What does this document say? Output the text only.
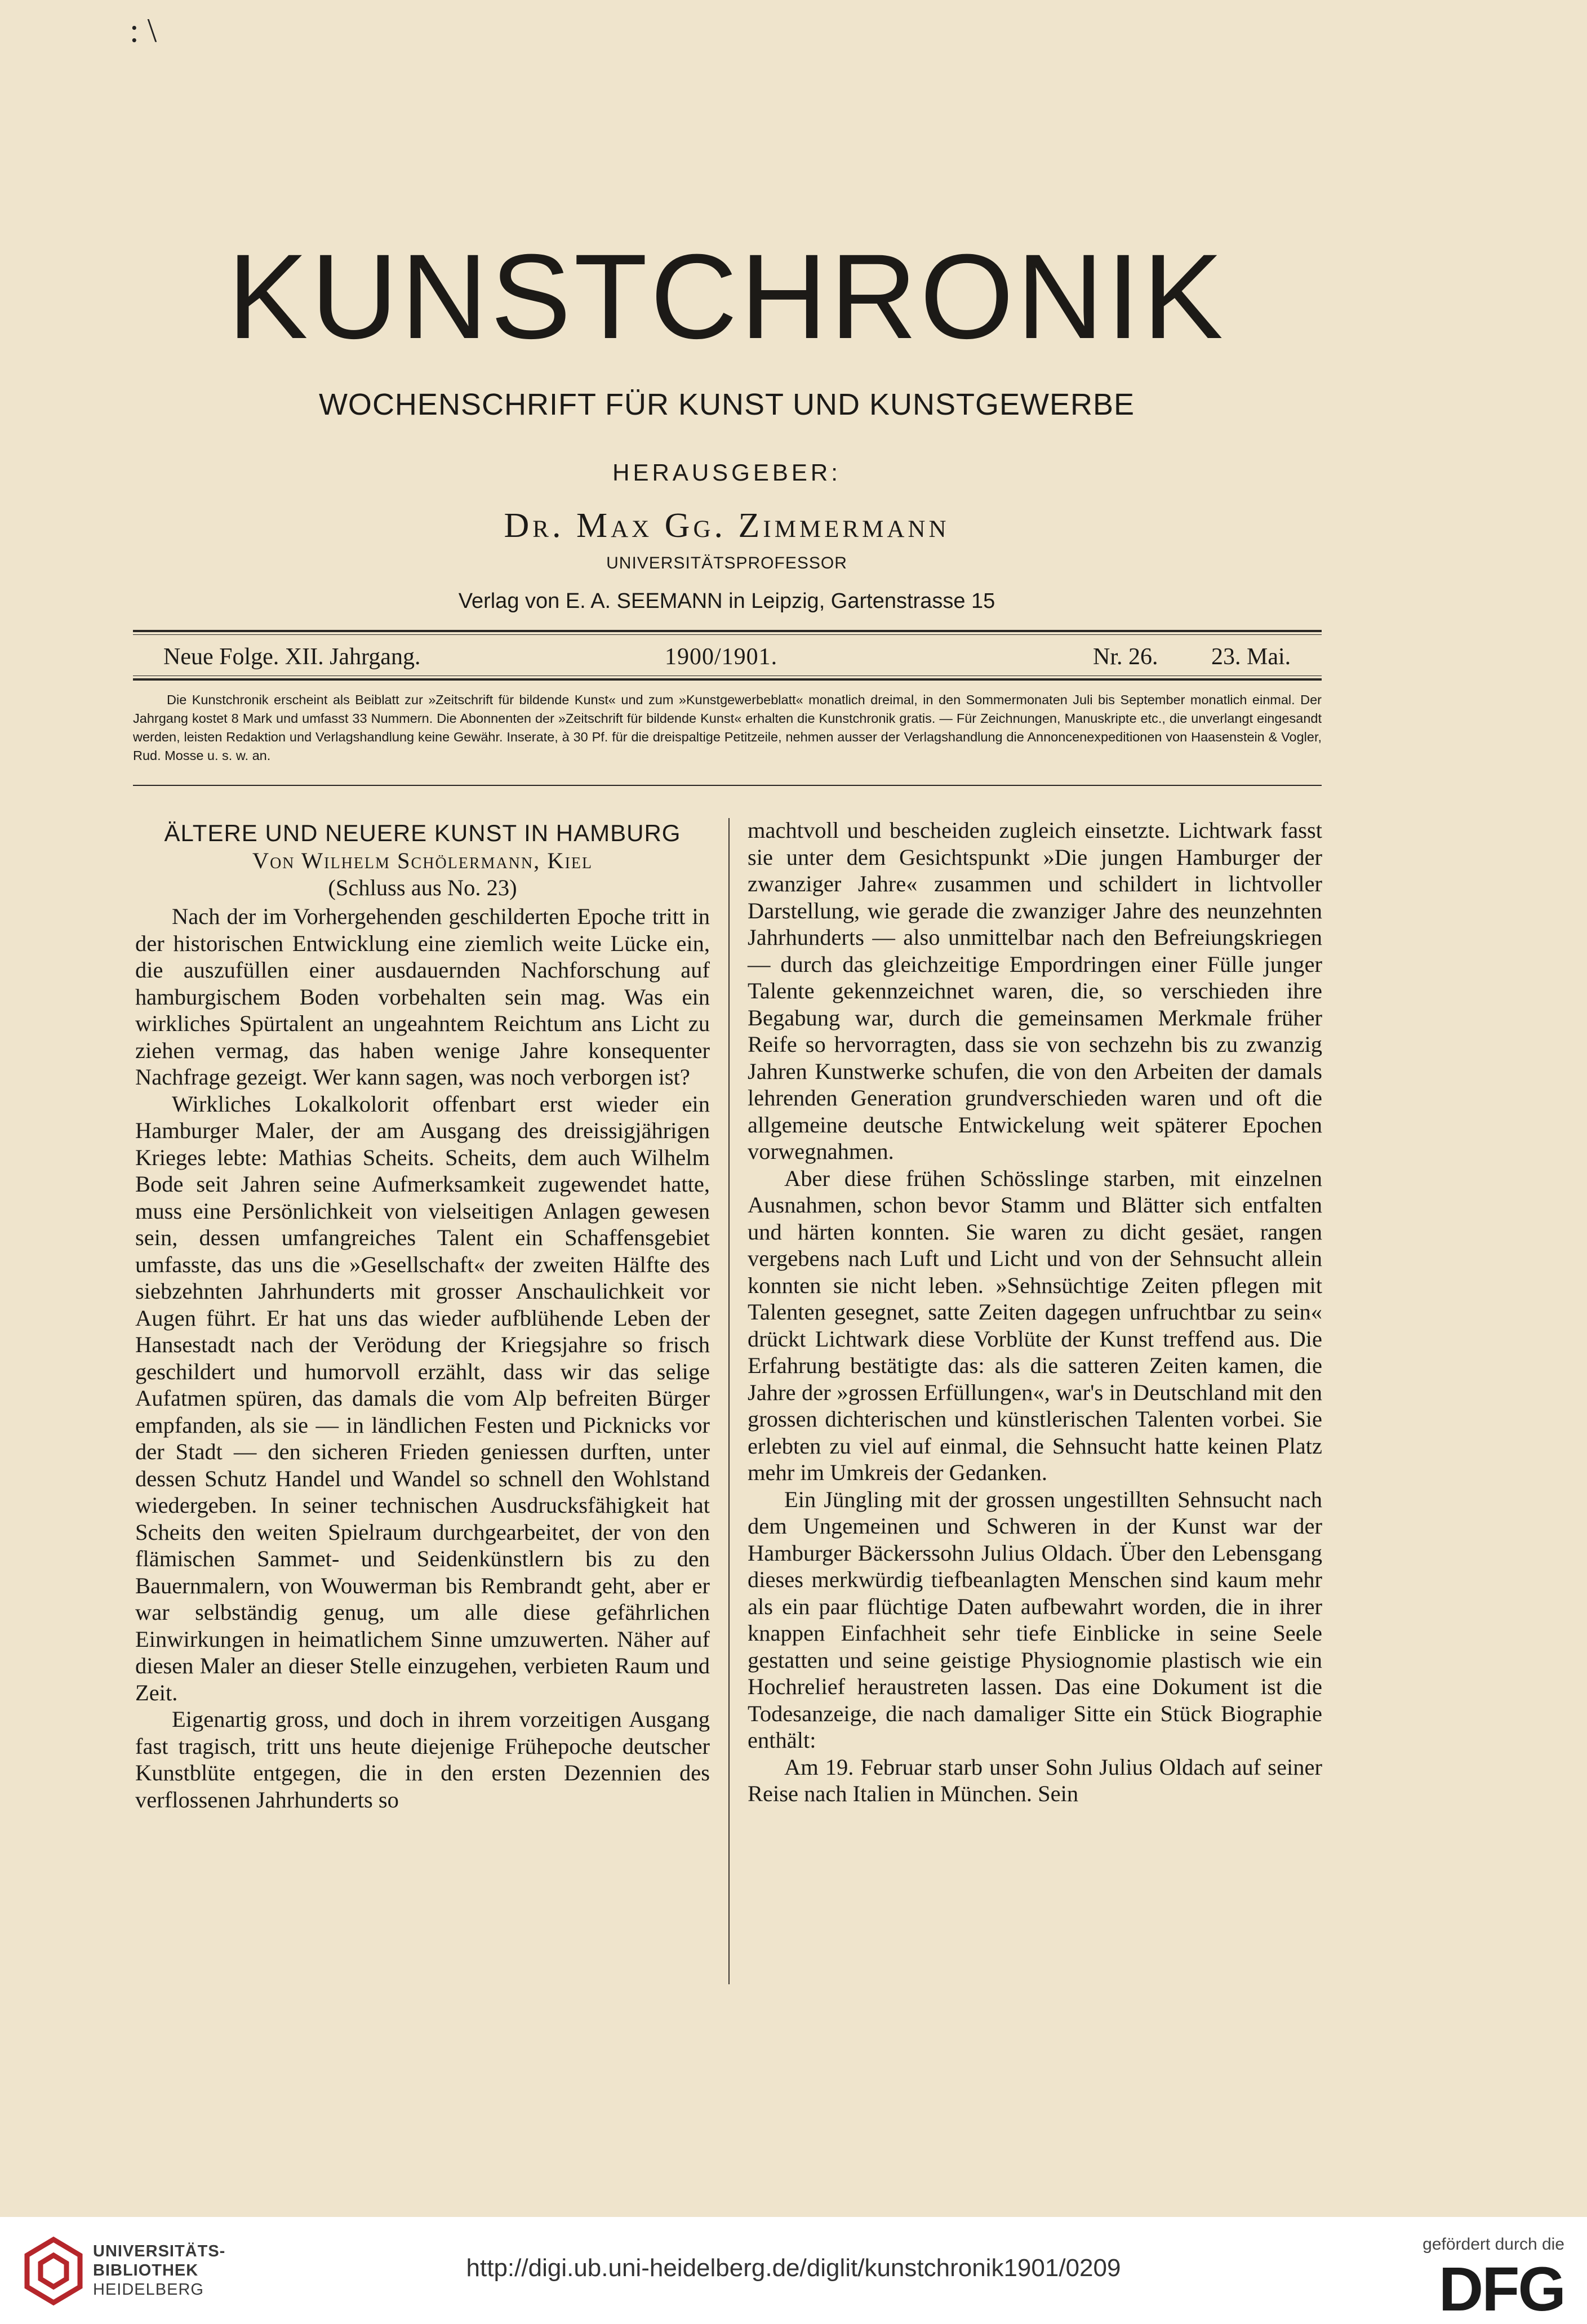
: \
KUNSTCHRONIK
WOCHENSCHRIFT FÜR KUNST UND KUNSTGEWERBE
HERAUSGEBER:
Dr. Max Gg. Zimmermann
UNIVERSITÄTSPROFESSOR
Verlag von E. A. SEEMANN in Leipzig, Gartenstrasse 15
Neue Folge. XII. Jahrgang.	1900/1901.	Nr. 26. 23. Mai.

Die Kunstchronik erscheint als Beiblatt zur »Zeitschrift für bildende Kunst« und zum »Kunstgewerbeblatt« monatlich dreimal, in den Sommermonaten Juli bis September monatlich einmal. Der Jahrgang kostet 8 Mark und umfasst 33 Nummern. Die Abonnenten der »Zeitschrift für bildende Kunst« erhalten die Kunstchronik gratis. — Für Zeichnungen, Manuskripte etc., die unverlangt eingesandt werden, leisten Redaktion und Verlagshandlung keine Gewähr. Inserate, à 30 Pf. für die dreispaltige Petitzeile, nehmen ausser der Verlagshandlung die Annoncenexpeditionen von Haasenstein & Vogler, Rud. Mosse u. s. w. an.

ÄLTERE UND NEUERE KUNST IN HAMBURG

Von Wilhelm Schölermann, Kiel

(Schluss aus No. 23)

Nach der im Vorhergehenden geschilderten Epoche tritt in der historischen Entwicklung eine ziemlich weite Lücke ein, die auszufüllen einer ausdauernden Nachforschung auf hamburgischem Boden vorbehalten sein mag. Was ein wirkliches Spürtalent an ungeahntem Reichtum ans Licht zu ziehen vermag, das haben wenige Jahre konsequenter Nachfrage gezeigt. Wer kann sagen, was noch verborgen ist?

Wirkliches Lokalkolorit offenbart erst wieder ein Hamburger Maler, der am Ausgang des dreissigjährigen Krieges lebte: Mathias Scheits. Scheits, dem auch Wilhelm Bode seit Jahren seine Aufmerksamkeit zugewendet hatte, muss eine Persönlichkeit von vielseitigen Anlagen gewesen sein, dessen umfangreiches Talent ein Schaffensgebiet umfasste, das uns die »Gesellschaft« der zweiten Hälfte des siebzehnten Jahrhunderts mit grosser Anschaulichkeit vor Augen führt. Er hat uns das wieder aufblühende Leben der Hansestadt nach der Verödung der Kriegsjahre so frisch geschildert und humorvoll erzählt, dass wir das selige Aufatmen spüren, das damals die vom Alp befreiten Bürger empfanden, als sie — in ländlichen Festen und Picknicks vor der Stadt — den sicheren Frieden geniessen durften, unter dessen Schutz Handel und Wandel so schnell den Wohlstand wiedergeben. In seiner technischen Ausdrucksfähigkeit hat Scheits den weiten Spielraum durchgearbeitet, der von den flämischen Sammet- und Seidenkünstlern bis zu den Bauernmalern, von Wouwerman bis Rembrandt geht, aber er war selbständig genug, um alle diese gefährlichen Einwirkungen in heimatlichem Sinne umzuwerten. Näher auf diesen Maler an dieser Stelle einzugehen, verbieten Raum und Zeit.

Eigenartig gross, und doch in ihrem vorzeitigen Ausgang fast tragisch, tritt uns heute diejenige Frühepoche deutscher Kunstblüte entgegen, die in den ersten Dezennien des verflossenen Jahrhunderts so

machtvoll und bescheiden zugleich einsetzte. Lichtwark fasst sie unter dem Gesichtspunkt »Die jungen Hamburger der zwanziger Jahre« zusammen und schildert in lichtvoller Darstellung, wie gerade die zwanziger Jahre des neunzehnten Jahrhunderts — also unmittelbar nach den Befreiungskriegen — durch das gleichzeitige Empordringen einer Fülle junger Talente gekennzeichnet waren, die, so verschieden ihre Begabung war, durch die gemeinsamen Merkmale früher Reife so hervorragten, dass sie von sechzehn bis zu zwanzig Jahren Kunstwerke schufen, die von den Arbeiten der damals lehrenden Generation grundverschieden waren und oft die allgemeine deutsche Entwickelung weit späterer Epochen vorwegnahmen.

Aber diese frühen Schösslinge starben, mit einzelnen Ausnahmen, schon bevor Stamm und Blätter sich entfalten und härten konnten. Sie waren zu dicht gesäet, rangen vergebens nach Luft und Licht und von der Sehnsucht allein konnten sie nicht leben. »Sehnsüchtige Zeiten pflegen mit Talenten gesegnet, satte Zeiten dagegen unfruchtbar zu sein« drückt Lichtwark diese Vorblüte der Kunst treffend aus. Die Erfahrung bestätigte das: als die satteren Zeiten kamen, die Jahre der »grossen Erfüllungen«, war's in Deutschland mit den grossen dichterischen und künstlerischen Talenten vorbei. Sie erlebten zu viel auf einmal, die Sehnsucht hatte keinen Platz mehr im Umkreis der Gedanken.

Ein Jüngling mit der grossen ungestillten Sehnsucht nach dem Ungemeinen und Schweren in der Kunst war der Hamburger Bäckerssohn Julius Oldach. Über den Lebensgang dieses merkwürdig tiefbeanlagten Menschen sind kaum mehr als ein paar flüchtige Daten aufbewahrt worden, die in ihrer knappen Einfachheit sehr tiefe Einblicke in seine Seele gestatten und seine geistige Physiognomie plastisch wie ein Hochrelief heraustreten lassen. Das eine Dokument ist die Todesanzeige, die nach damaliger Sitte ein Stück Biographie enthält:

Am 19. Februar starb unser Sohn Julius Oldach auf seiner Reise nach Italien in München. Sein

UNIVERSITÄTS-
BIBLIOTHEK
HEIDELBERG
http://digi.ub.uni-heidelberg.de/diglit/kunstchronik1901/0209
gefördert durch die
DFG
